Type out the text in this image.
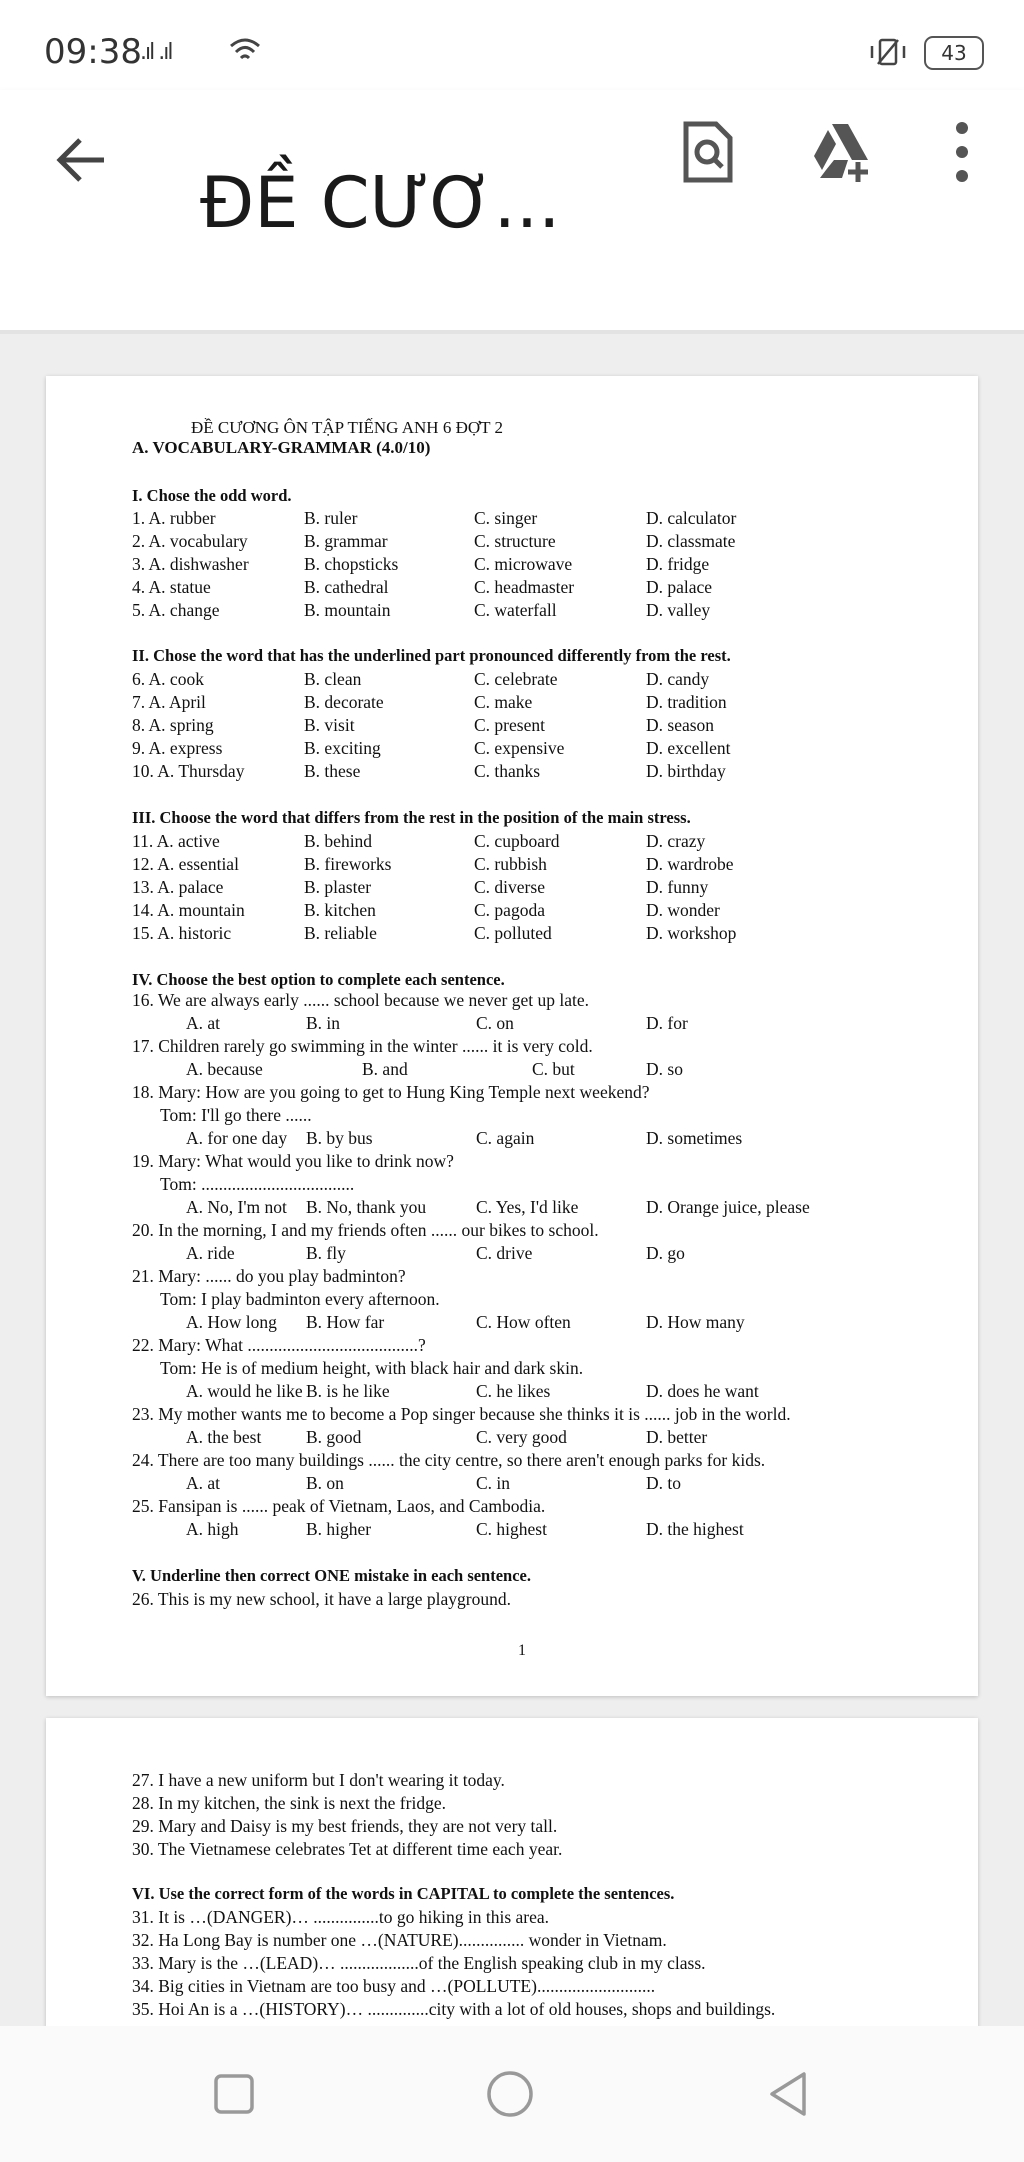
09:38
.ıl .ıl	43
ĐỀ CƯƠ...
ĐỀ CƯƠNG ÔN TẬP TIẾNG ANH 6 ĐỢT 2
A. VOCABULARY-GRAMMAR (4.0/10)
I. Chose the odd word.
1. A. rubber	B. ruler	C. singer	D. calculator
2. A. vocabulary	B. grammar	C. structure	D. classmate
3. A. dishwasher	B. chopsticks	C. microwave	D. fridge
4. A. statue	B. cathedral	C. headmaster	D. palace
5. A. change	B. mountain	C. waterfall	D. valley
II. Chose the word that has the underlined part pronounced differently from the rest.
6. A. cook	B. clean	C. celebrate	D. candy
7. A. April	B. decorate	C. make	D. tradition
8. A. spring	B. visit	C. present	D. season
9. A. express	B. exciting	C. expensive	D. excellent
10. A. Thursday	B. these	C. thanks	D. birthday
III. Choose the word that differs from the rest in the position of the main stress.
11. A. active	B. behind	C. cupboard	D. crazy
12. A. essential	B. fireworks	C. rubbish	D. wardrobe
13. A. palace	B. plaster	C. diverse	D. funny
14. A. mountain	B. kitchen	C. pagoda	D. wonder
15. A. historic	B. reliable	C. polluted	D. workshop
IV. Choose the best option to complete each sentence.
16. We are always early ...... school because we never get up late.
A. at	B. in	C. on	D. for
17. Children rarely go swimming in the winter ...... it is very cold.
A. because	B. and	C. but	D. so
18. Mary: How are you going to get to Hung King Temple next weekend?
Tom: I'll go there ......
A. for one day B. by bus	C. again	D. sometimes
19. Mary: What would you like to drink now?
Tom: ...................................
A. No, I'm not B. No, thank you	C. Yes, I'd like	D. Orange juice, please
20. In the morning, I and my friends often ...... our bikes to school.
A. ride	B. fly	C. drive	D. go
21. Mary: ...... do you play badminton?
Tom: I play badminton every afternoon.
A. How long B. How far	C. How often	D. How many
22. Mary: What .......................................?
Tom: He is of medium height, with black hair and dark skin.
A. would he like B. is he like	C. he likes	D. does he want
23. My mother wants me to become a Pop singer because she thinks it is ...... job in the world.
A. the best	B. good	C. very good	D. better
24. There are too many buildings ...... the city centre, so there aren't enough parks for kids.
A. at	B. on	C. in	D. to
25. Fansipan is ...... peak of Vietnam, Laos, and Cambodia.
A. high	B. higher	C. highest	D. the highest
V. Underline then correct ONE mistake in each sentence.
26. This is my new school, it have a large playground.
1
27. I have a new uniform but I don't wearing it today.
28. In my kitchen, the sink is next the fridge.
29. Mary and Daisy is my best friends, they are not very tall.
30. The Vietnamese celebrates Tet at different time each year.
VI. Use the correct form of the words in CAPITAL to complete the sentences.
31. It is …(DANGER)… ...............to go hiking in this area.
32. Ha Long Bay is number one …(NATURE)............... wonder in Vietnam.
33. Mary is the …(LEAD)… ..................of the English speaking club in my class.
34. Big cities in Vietnam are too busy and …(POLLUTE)...........................
35. Hoi An is a …(HISTORY)… ..............city with a lot of old houses, shops and buildings.
